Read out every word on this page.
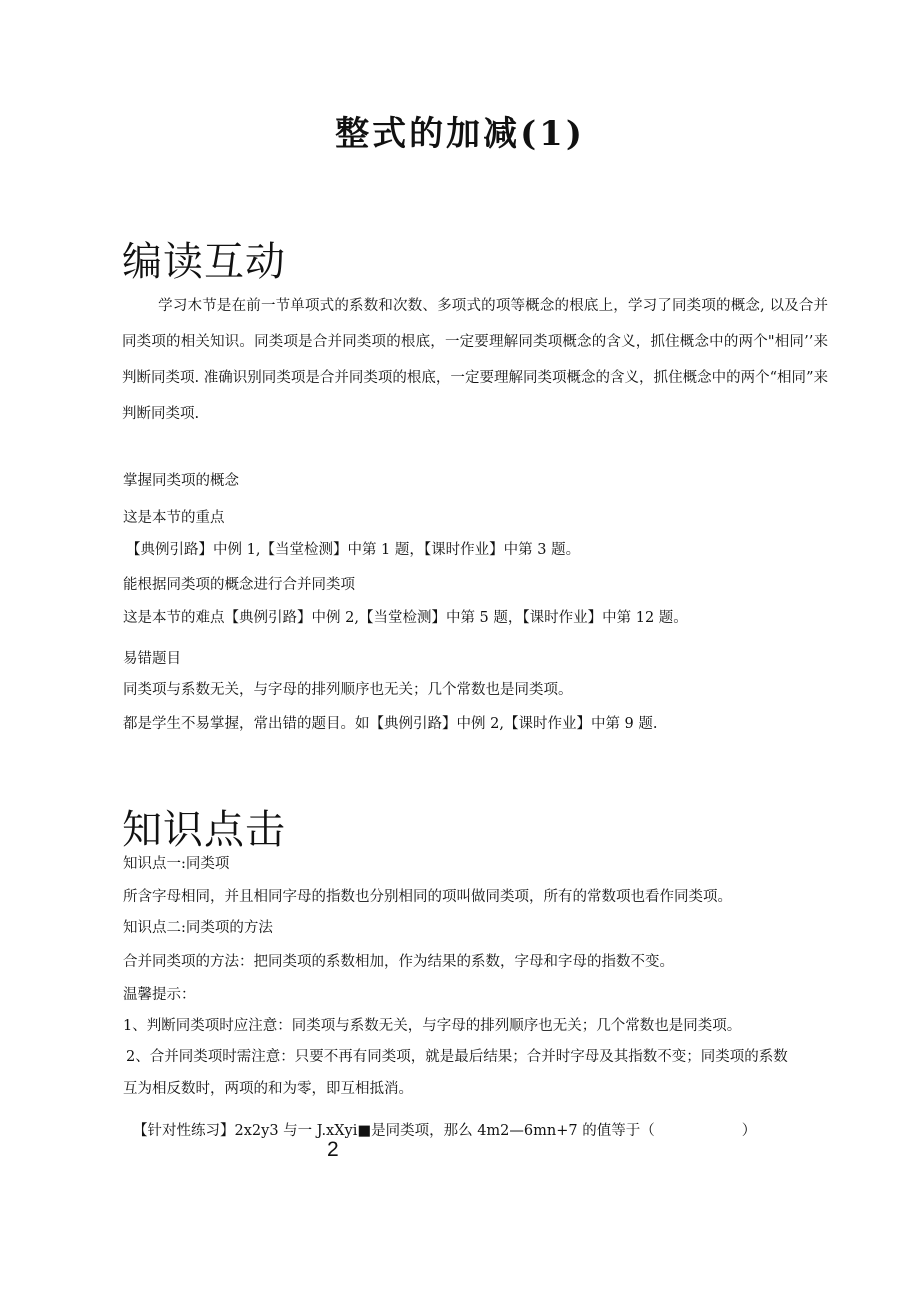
整式的加减(1)
编读互动
学习木节是在前一节单项式的系数和次数、多项式的项等概念的根底上，学习了同类项的概念, 以及合并同类项的相关知识。同类项是合并同类项的根底，一定要理解同类项概念的含义，抓住概念中的两个"相同’’来判断同类项. 准确识别同类项是合并同类项的根底，一定要理解同类项概念的含义，抓住概念中的两个“相同”来判断同类项.
掌握同类项的概念
这是本节的重点
【典例引路】中例 1,【当堂检测】中第 1 题，【课时作业】中第 3 题。
能根据同类项的概念进行合并同类项
这是本节的难点【典例引路】中例 2,【当堂检测】中第 5 题，【课时作业】中第 12 题。
易错题目
同类项与系数无关，与字母的排列顺序也无关；几个常数也是同类项。
都是学生不易掌握，常出错的题目。如【典例引路】中例 2,【课时作业】中第 9 题.
知识点击
知识点一:同类项
所含字母相同，并且相同字母的指数也分别相同的项叫做同类项，所有的常数项也看作同类项。
知识点二:同类项的方法
合并同类项的方法：把同类项的系数相加，作为结果的系数，字母和字母的指数不变。
温馨提示：
1、判断同类项时应注意：同类项与系数无关，与字母的排列顺序也无关；几个常数也是同类项。
2、合并同类项时需注意：只要不再有同类项，就是最后结果；合并时字母及其指数不变；同类项的系数
互为相反数时，两项的和为零，即互相抵消。
【针对性练习】2x2y3 与一 J.xXyi■是同类项，那么 4m2—6mn+7 的值等于（　　　　　　）
2
